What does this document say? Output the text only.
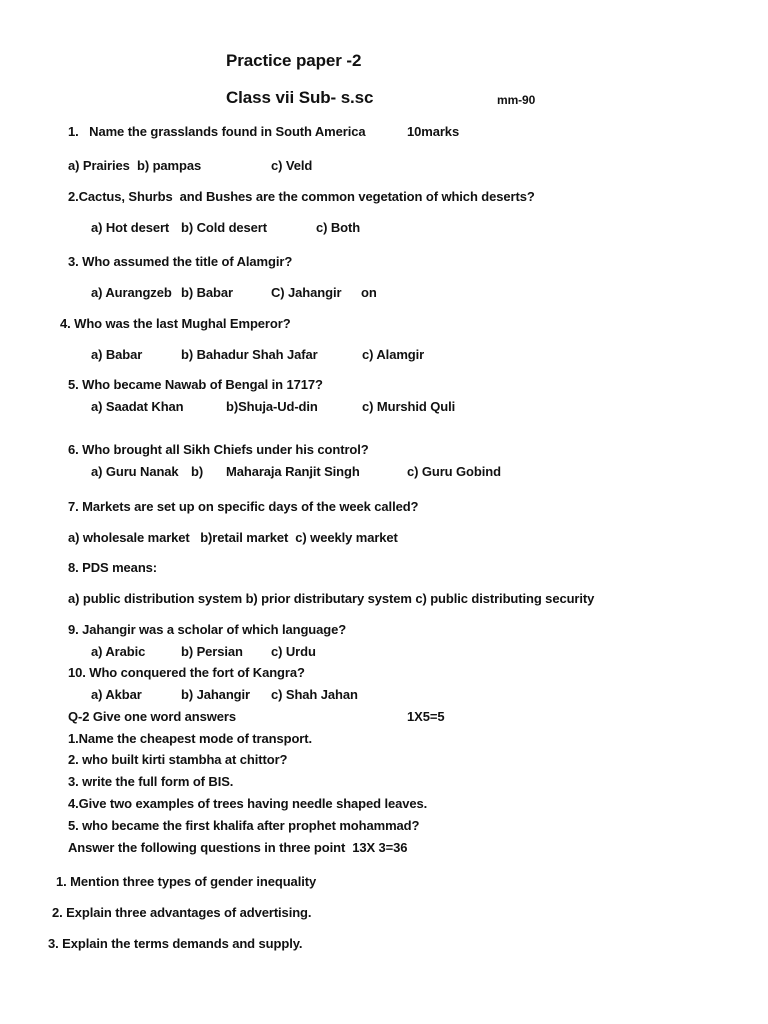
Practice paper -2
Class vii Sub- s.sc	mm-90
1.   Name the grasslands found in South America	10marks
a) Prairies b) pampas	c) Veld
2.Cactus, Shurbs  and Bushes are the common vegetation of which deserts?
a) Hot desert b) Cold desert	c) Both
3. Who assumed the title of Alamgir?
a) Aurangzeb b) Babar	C) Jahangir on
4. Who was the last Mughal Emperor?
a) Babar	b) Bahadur Shah Jafar	c) Alamgir
5. Who became Nawab of Bengal in 1717?
a) Saadat Khan	b)Shuja-Ud-din	c) Murshid Quli
6. Who brought all Sikh Chiefs under his control?
a) Guru Nanak b) Maharaja Ranjit Singh	c) Guru Gobind
7. Markets are set up on specific days of the week called?
a) wholesale market   b)retail market  c) weekly market
8. PDS means:
a) public distribution system b) prior distributary system c) public distributing security
9. Jahangir was a scholar of which language?
a) Arabic	b) Persian c) Urdu
10. Who conquered the fort of Kangra?
a) Akbar	b) Jahangir c) Shah Jahan
Q-2 Give one word answers	1X5=5
1.Name the cheapest mode of transport.
2. who built kirti stambha at chittor?
3. write the full form of BIS.
4.Give two examples of trees having needle shaped leaves.
5. who became the first khalifa after prophet mohammad?
Answer the following questions in three point  13X 3=36
1. Mention three types of gender inequality
2. Explain three advantages of advertising.
3. Explain the terms demands and supply.
